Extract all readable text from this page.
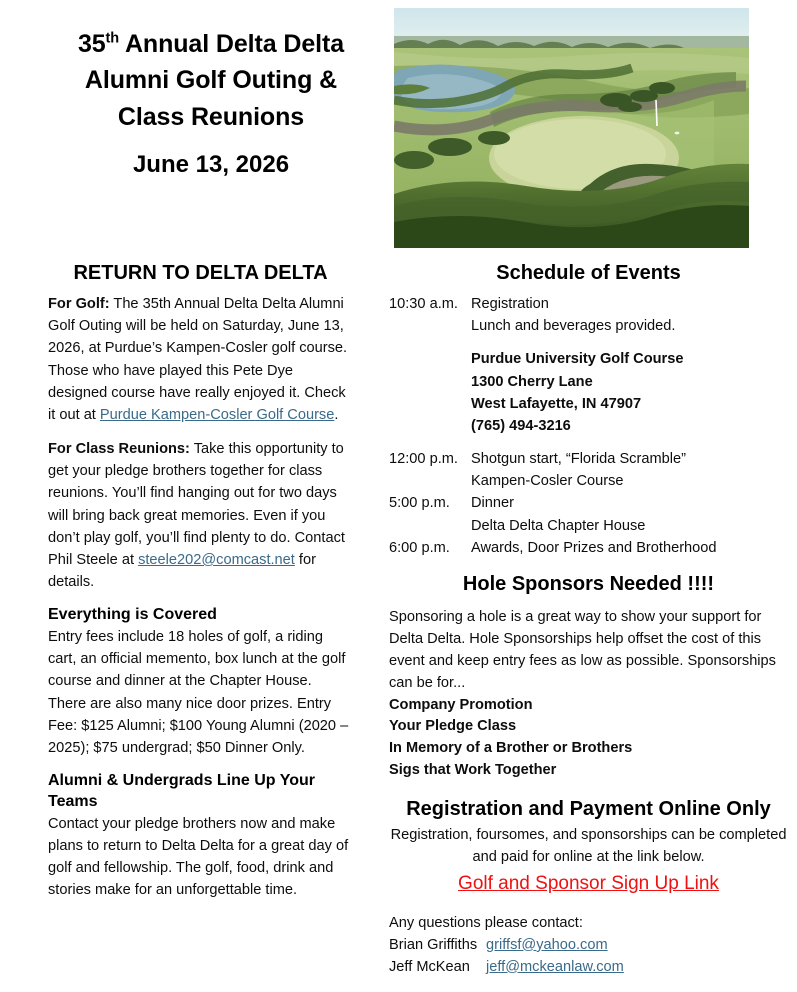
35th Annual Delta Delta
Alumni Golf Outing &
Class Reunions
June 13, 2026
RETURN TO DELTA DELTA

For Golf: The 35th Annual Delta Delta Alumni Golf Outing will be held on Saturday, June 13, 2026, at Purdue’s Kampen-Cosler golf course. Those who have played this Pete Dye designed course have really enjoyed it. Check it out at Purdue Kampen-Cosler Golf Course.

For Class Reunions: Take this opportunity to get your pledge brothers together for class reunions. You’ll find hanging out for two days will bring back great memories. Even if you don’t play golf, you’ll find plenty to do. Contact Phil Steele at steele202@comcast.net for details.

Everything is Covered

Entry fees include 18 holes of golf, a riding cart, an official memento, box lunch at the golf course and dinner at the Chapter House. There are also many nice door prizes. Entry Fee: $125 Alumni; $100 Young Alumni (2020 – 2025); $75 undergrad; $50 Dinner Only.

Alumni & Undergrads Line Up Your Teams

Contact your pledge brothers now and make plans to return to Delta Delta for a great day of golf and fellowship. The golf, food, drink and stories make for an unforgettable time.

Schedule of Events
10:30 a.m. Registration
Lunch and beverages provided.
Purdue University Golf Course
1300 Cherry Lane
West Lafayette, IN 47907
(765) 494-3216
12:00 p.m. Shotgun start, “Florida Scramble”
Kampen-Cosler Course
5:00 p.m.	Dinner
Delta Delta Chapter House
6:00 p.m.	Awards, Door Prizes and Brotherhood
Hole Sponsors Needed !!!!

Sponsoring a hole is a great way to show your support for Delta Delta. Hole Sponsorships help offset the cost of this event and keep entry fees as low as possible. Sponsorships can be for...

Company Promotion
Your Pledge Class
In Memory of a Brother or Brothers
Sigs that Work Together
Registration and Payment Online Only
Registration, foursomes, and sponsorships can be completed and paid for online at the link below.
Golf and Sponsor Sign Up Link
Any questions please contact:
Brian Griffiths griffsf@yahoo.com
Jeff McKean	jeff@mckeanlaw.com
